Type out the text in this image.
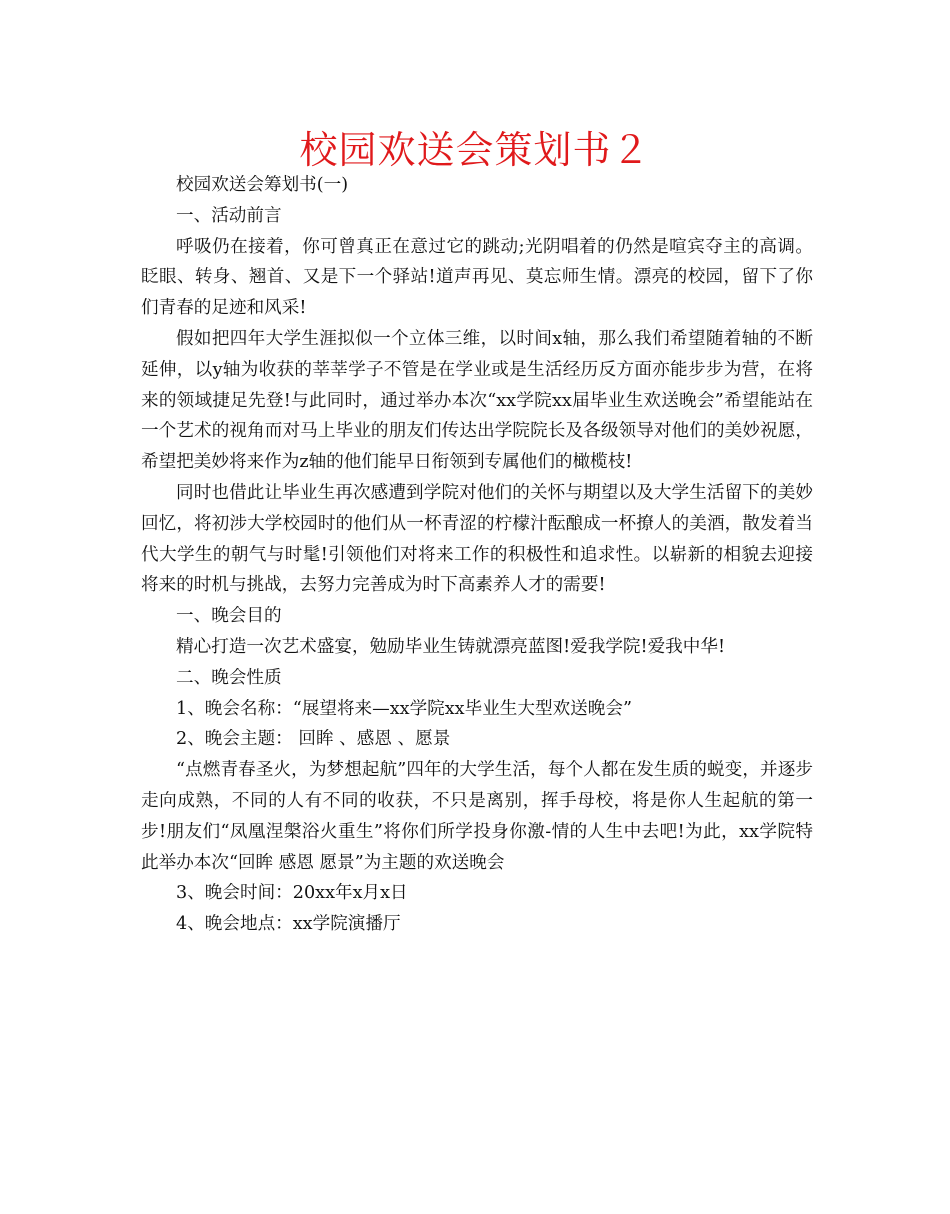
校园欢送会策划书２

校园欢送会筹划书(一)

一、活动前言

呼吸仍在接着，你可曾真正在意过它的跳动;光阴唱着的仍然是喧宾夺主的高调。眨眼、转身、翘首、又是下一个驿站!道声再见、莫忘师生情。漂亮的校园，留下了你们青春的足迹和风采!

假如把四年大学生涯拟似一个立体三维，以时间x轴，那么我们希望随着轴的不断延伸，以y轴为收获的莘莘学子不管是在学业或是生活经历反方面亦能步步为营，在将来的领域捷足先登!与此同时，通过举办本次“xx学院xx届毕业生欢送晚会”希望能站在一个艺术的视角而对马上毕业的朋友们传达出学院院长及各级领导对他们的美妙祝愿，希望把美妙将来作为z轴的他们能早日衔领到专属他们的橄榄枝!

同时也借此让毕业生再次感遭到学院对他们的关怀与期望以及大学生活留下的美妙回忆，将初涉大学校园时的他们从一杯青涩的柠檬汁酝酿成一杯撩人的美酒，散发着当代大学生的朝气与时髦!引领他们对将来工作的积极性和追求性。以崭新的相貌去迎接将来的时机与挑战，去努力完善成为时下高素养人才的需要!

一、晚会目的

精心打造一次艺术盛宴，勉励毕业生铸就漂亮蓝图!爱我学院!爱我中华!

二、晚会性质

1、晚会名称：“展望将来—xx学院xx毕业生大型欢送晚会”

2、晚会主题： 回眸 、感恩 、愿景

“点燃青春圣火，为梦想起航”四年的大学生活，每个人都在发生质的蜕变，并逐步走向成熟，不同的人有不同的收获，不只是离别，挥手母校，将是你人生起航的第一步!朋友们“凤凰涅槃浴火重生”将你们所学投身你激-情的人生中去吧!为此，xx学院特此举办本次“回眸 感恩 愿景”为主题的欢送晚会

3、晚会时间：20xx年x月x日

4、晚会地点：xx学院演播厅
